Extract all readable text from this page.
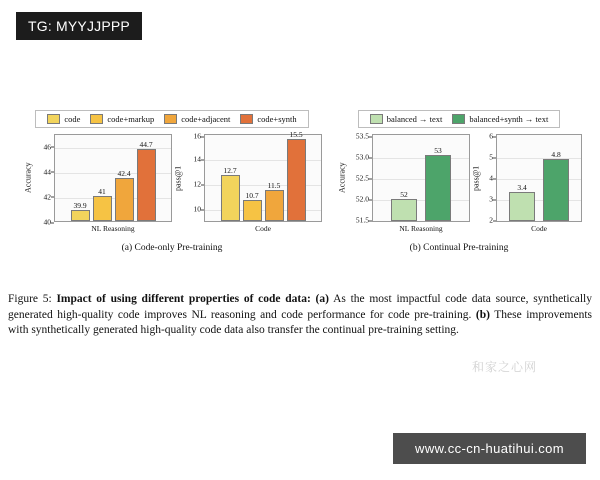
TG: MYYJJPPP
code	code+markup	code+adjacent	code+synth
Accuracy
40
42
44
46
39.9
41
42.4
44.7
NL Reasoning
pass@1
10
12
14
16
12.7
10.7
11.5
15.5
Code
(a) Code-only Pre-training
balanced → text	balanced+synth → text
Accuracy
51.5
52.0
52.5
53.0
53.5
52
53
NL Reasoning
pass@1
2
3
4
5
6
3.4
4.8
Code
(b) Continual Pre-training
Figure 5: Impact of using different properties of code data: (a) As the most impactful code data source, synthetically generated high-quality code improves NL reasoning and code performance for code pre-training. (b) These improvements with synthetically generated high-quality code data also transfer the continual pre-training setting.
和家之心网
www.cc-cn-huatihui.com
